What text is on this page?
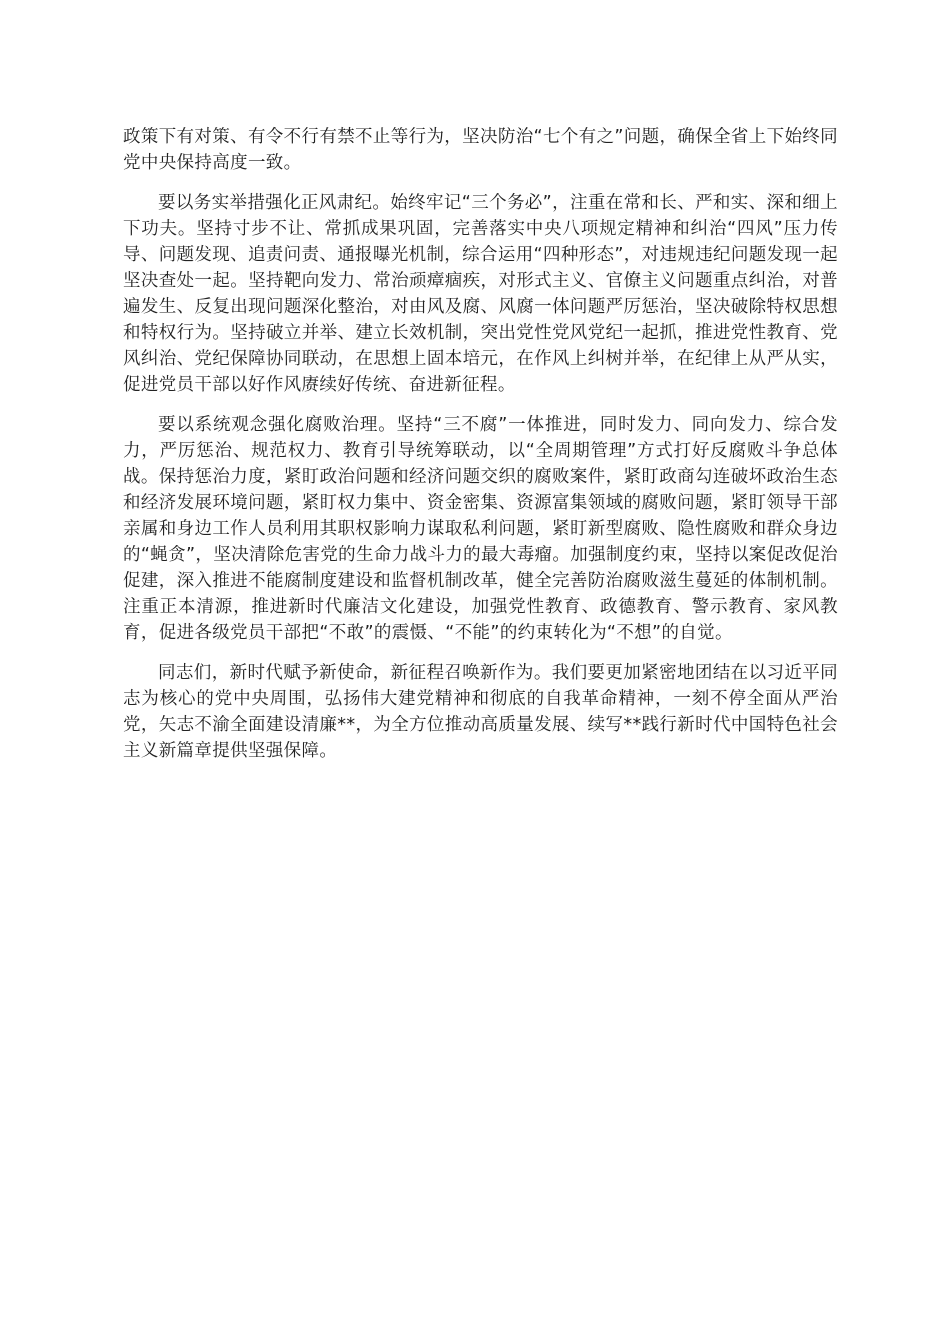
政策下有对策、有令不行有禁不止等行为，坚决防治“七个有之”问题，确保全省上下始终同党中央保持高度一致。

要以务实举措强化正风肃纪。始终牢记“三个务必”，注重在常和长、严和实、深和细上下功夫。坚持寸步不让、常抓成果巩固，完善落实中央八项规定精神和纠治“四风”压力传导、问题发现、追责问责、通报曝光机制，综合运用“四种形态”，对违规违纪问题发现一起坚决查处一起。坚持靶向发力、常治顽瘴痼疾，对形式主义、官僚主义问题重点纠治，对普遍发生、反复出现问题深化整治，对由风及腐、风腐一体问题严厉惩治，坚决破除特权思想和特权行为。坚持破立并举、建立长效机制，突出党性党风党纪一起抓，推进党性教育、党风纠治、党纪保障协同联动，在思想上固本培元，在作风上纠树并举，在纪律上从严从实，促进党员干部以好作风赓续好传统、奋进新征程。

要以系统观念强化腐败治理。坚持“三不腐”一体推进，同时发力、同向发力、综合发力，严厉惩治、规范权力、教育引导统筹联动，以“全周期管理”方式打好反腐败斗争总体战。保持惩治力度，紧盯政治问题和经济问题交织的腐败案件，紧盯政商勾连破坏政治生态和经济发展环境问题，紧盯权力集中、资金密集、资源富集领域的腐败问题，紧盯领导干部亲属和身边工作人员利用其职权影响力谋取私利问题，紧盯新型腐败、隐性腐败和群众身边的“蝇贪”，坚决清除危害党的生命力战斗力的最大毒瘤。加强制度约束，坚持以案促改促治促建，深入推进不能腐制度建设和监督机制改革，健全完善防治腐败滋生蔓延的体制机制。注重正本清源，推进新时代廉洁文化建设，加强党性教育、政德教育、警示教育、家风教育，促进各级党员干部把“不敢”的震慑、“不能”的约束转化为“不想”的自觉。

同志们，新时代赋予新使命，新征程召唤新作为。我们要更加紧密地团结在以习近平同志为核心的党中央周围，弘扬伟大建党精神和彻底的自我革命精神，一刻不停全面从严治党，矢志不渝全面建设清廉**，为全方位推动高质量发展、续写**践行新时代中国特色社会主义新篇章提供坚强保障。
